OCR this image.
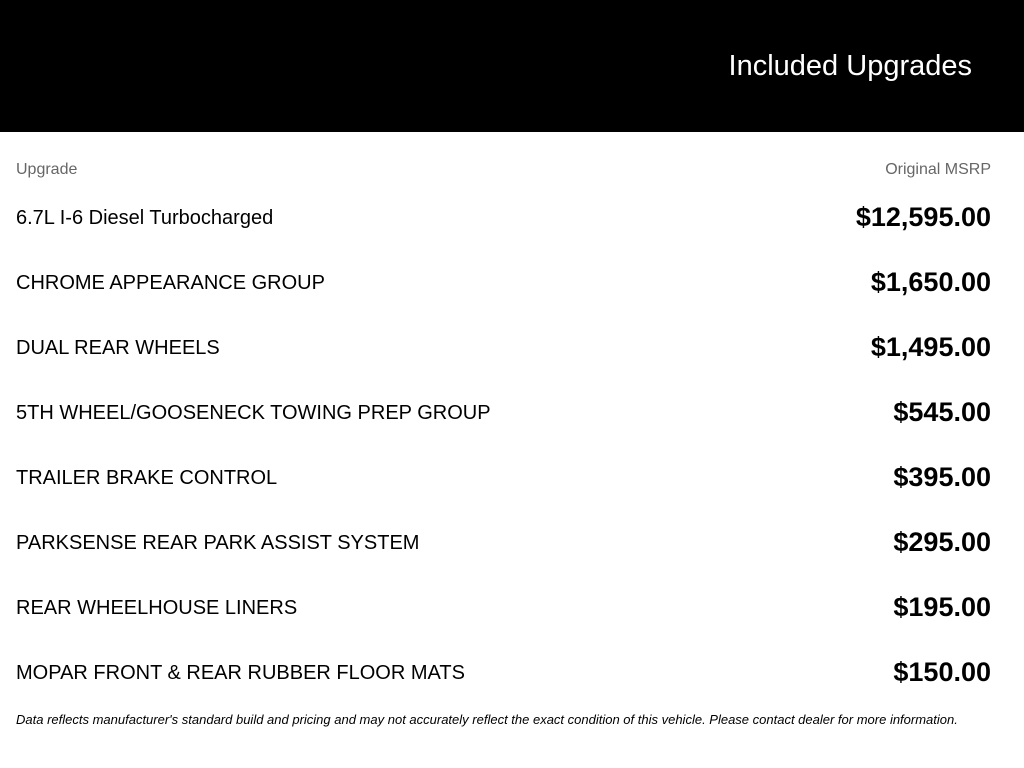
Included Upgrades
Upgrade	Original MSRP
6.7L I-6 Diesel Turbocharged	$12,595.00
CHROME APPEARANCE GROUP	$1,650.00
DUAL REAR WHEELS	$1,495.00
5TH WHEEL/GOOSENECK TOWING PREP GROUP	$545.00
TRAILER BRAKE CONTROL	$395.00
PARKSENSE REAR PARK ASSIST SYSTEM	$295.00
REAR WHEELHOUSE LINERS	$195.00
MOPAR FRONT & REAR RUBBER FLOOR MATS	$150.00
Data reflects manufacturer's standard build and pricing and may not accurately reflect the exact condition of this vehicle. Please contact dealer for more information.
